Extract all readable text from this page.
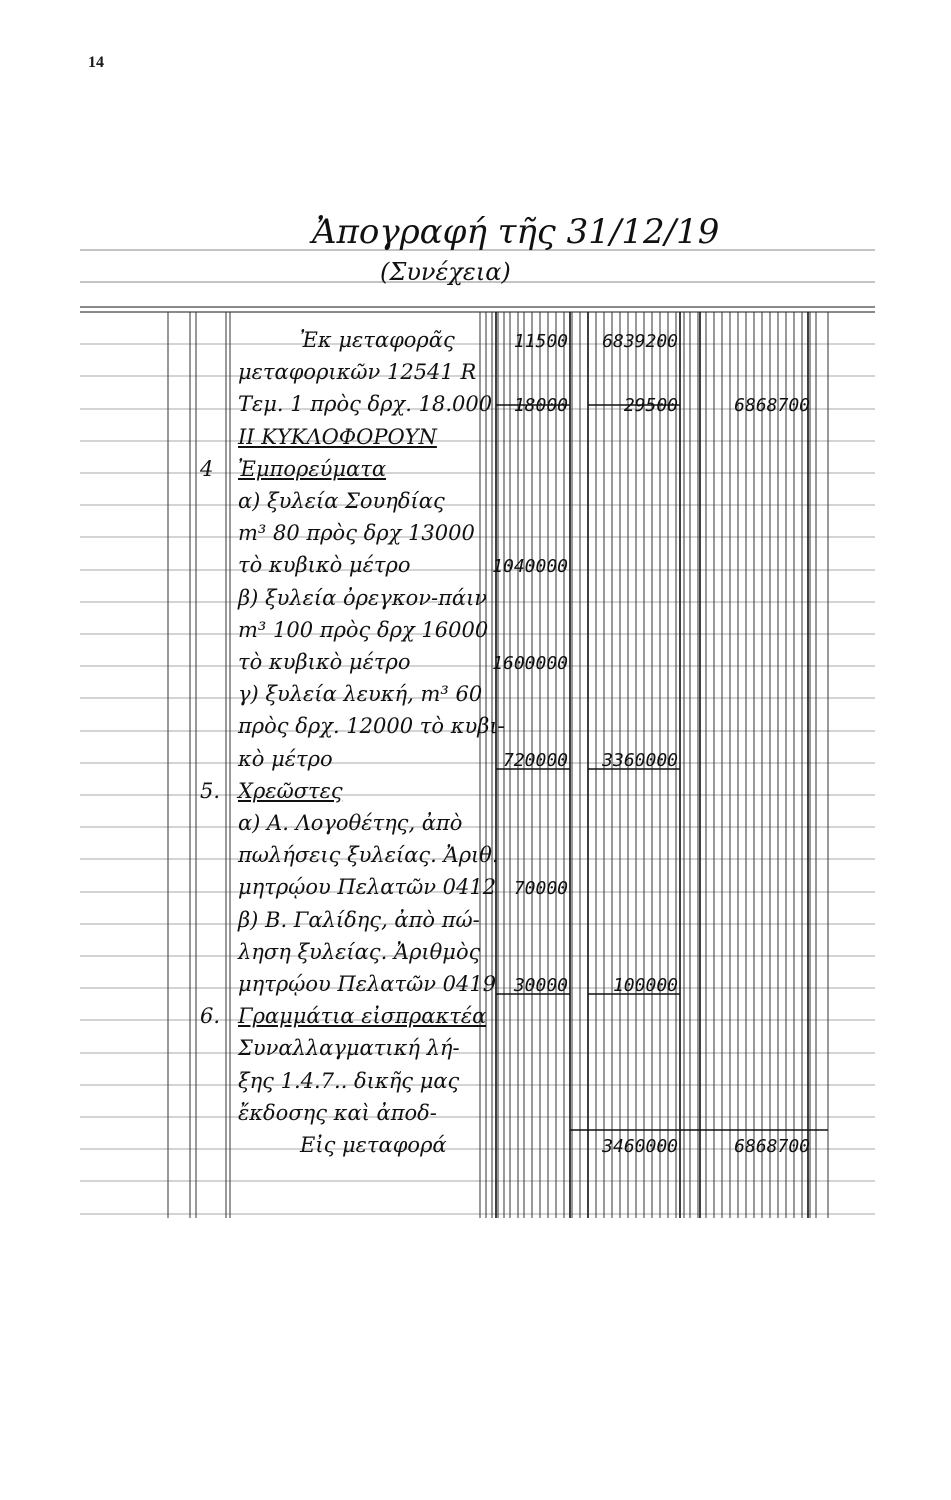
14
Ἀπογραφή τῆς 31/12/19
(Συνέχεια)
Ἐκ μεταφορᾶς	11500 6839200
μεταφορικῶν 12541 R
Τεμ. 1 πρὸς δρχ. 18.000 18000	29500	6868700
ΙΙ ΚΥΚΛΟΦΟΡΟΥΝ
4 Ἐμπορεύματα
α) ξυλεία Σουηδίας
m³ 80 πρὸς δρχ 13000
τὸ κυβικὸ μέτρο	1040000
β) ξυλεία ὀρεγκον-πάιν
m³ 100 πρὸς δρχ 16000
τὸ κυβικὸ μέτρο	1600000
γ) ξυλεία λευκή, m³ 60
πρὸς δρχ. 12000 τὸ κυβι-
κὸ μέτρο	720000 3360000
5. Χρεῶστες
α) Α. Λογοθέτης, ἀπὸ
πωλήσεις ξυλείας. Ἀριθ.
μητρῴου Πελατῶν 0412 70000
β) Β. Γαλίδης, ἀπὸ πώ-
ληση ξυλείας. Ἀριθμὸς
μητρῴου Πελατῶν 0419 30000 100000
6. Γραμμάτια εἰσπρακτέα
Συναλλαγματική λή-
ξης 1.4.7.. δικῆς μας
ἔκδοσης καὶ ἀποδ-
Εἰς μεταφορά	3460000	6868700
